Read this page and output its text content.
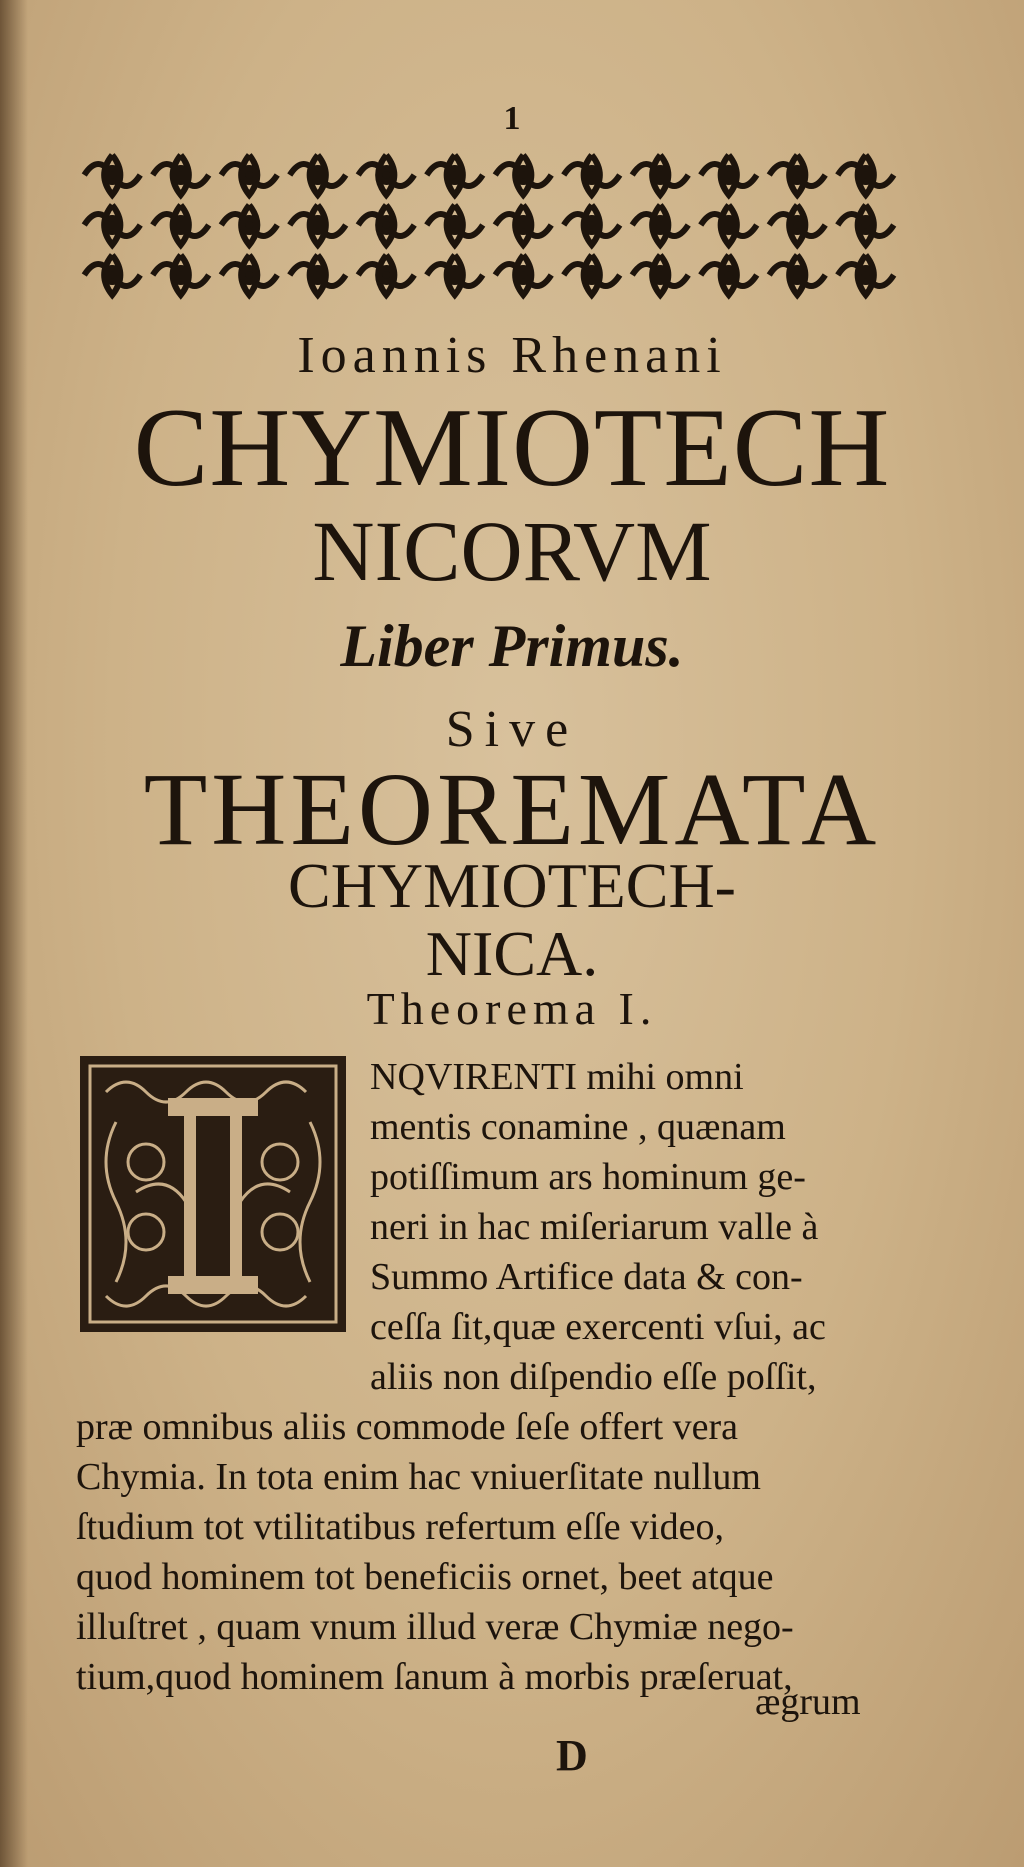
1
Ioannis Rhenani
CHYMIOTECH
NICORVM
Liber Primus.
Sive
THEOREMATA
CHYMIOTECH-
NICA.
Theorema I.
NQVIRENTI mihi omni
mentis conamine , quænam
potiſſimum ars hominum ge-
neri in hac miſeriarum valle à
Summo Artifice data & con-
ceſſa ſit,quæ exercenti vſui, ac
aliis non diſpendio eſſe poſſit,
præ omnibus aliis commode ſeſe offert vera
Chymia. In tota enim hac vniuerſitate nullum
ſtudium tot vtilitatibus refertum eſſe video,
quod hominem tot beneficiis ornet, beet atque
illuſtret , quam vnum illud veræ Chymiæ nego-
tium,quod hominem ſanum à morbis præſeruat,
ægrum
D
